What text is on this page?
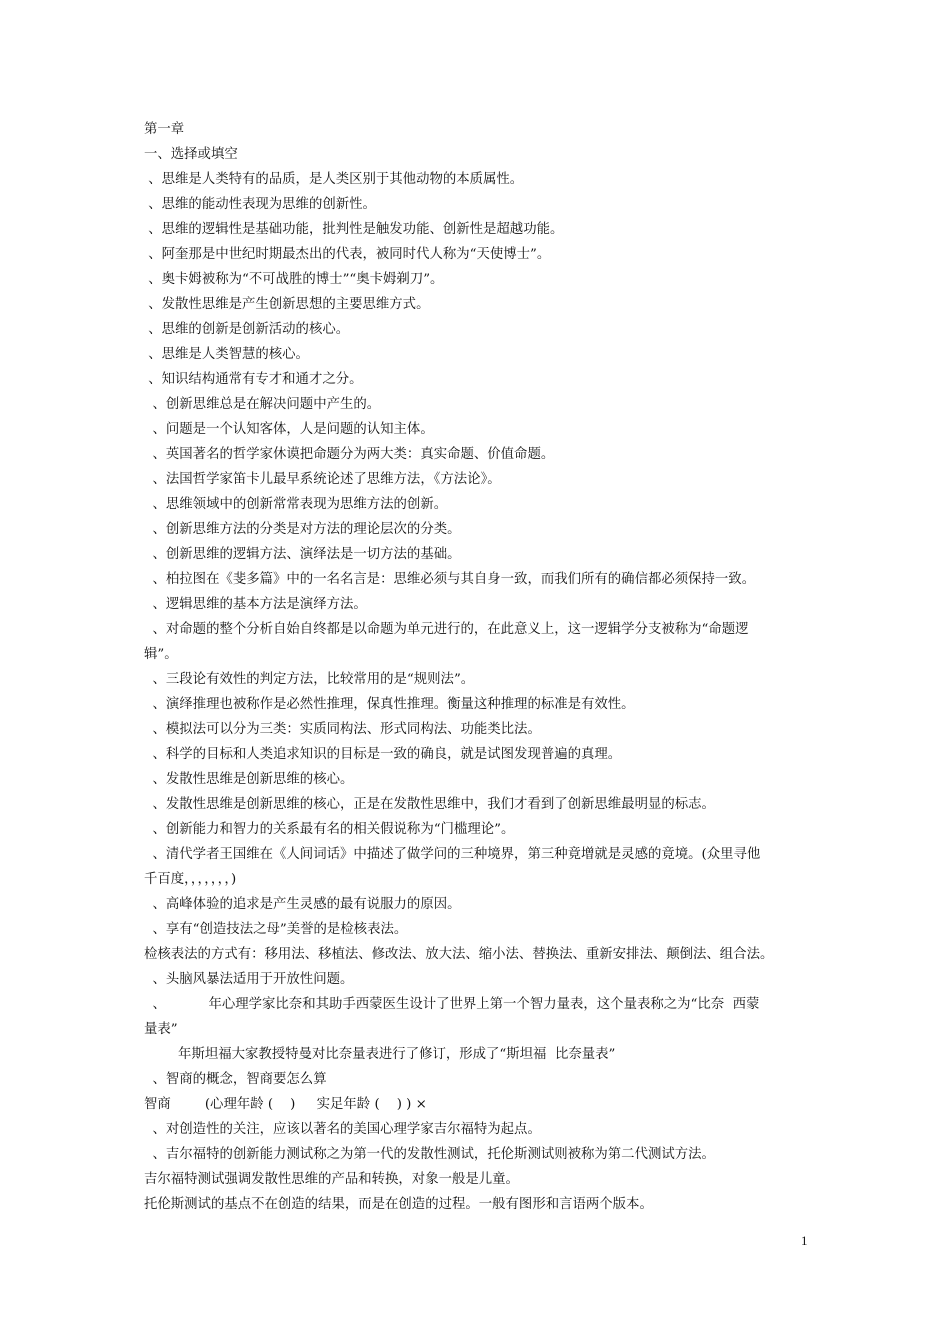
第一章
一、选择或填空
、思维是人类特有的品质，是人类区别于其他动物的本质属性。
、思维的能动性表现为思维的创新性。
、思维的逻辑性是基础功能，批判性是触发功能、创新性是超越功能。
、阿奎那是中世纪时期最杰出的代表，被同时代人称为“天使博士”。
、奥卡姆被称为“不可战胜的博士”“奥卡姆剃刀”。
、发散性思维是产生创新思想的主要思维方式。
、思维的创新是创新活动的核心。
、思维是人类智慧的核心。
、知识结构通常有专才和通才之分。
、创新思维总是在解决问题中产生的。
、问题是一个认知客体，人是问题的认知主体。
、英国著名的哲学家休谟把命题分为两大类：真实命题、价值命题。
、法国哲学家笛卡儿最早系统论述了思维方法，《方法论》。
、思维领域中的创新常常表现为思维方法的创新。
、创新思维方法的分类是对方法的理论层次的分类。
、创新思维的逻辑方法、演绎法是一切方法的基础。
、柏拉图在《斐多篇》中的一名名言是：思维必须与其自身一致，而我们所有的确信都必须保持一致。
、逻辑思维的基本方法是演绎方法。
、对命题的整个分析自始自终都是以命题为单元进行的，在此意义上，这一逻辑学分支被称为“命题逻
辑”。
、三段论有效性的判定方法，比较常用的是“规则法”。
、演绎推理也被称作是必然性推理，保真性推理。衡量这种推理的标准是有效性。
、模拟法可以分为三类：实质同构法、形式同构法、功能类比法。
、科学的目标和人类追求知识的目标是一致的确良，就是试图发现普遍的真理。
、发散性思维是创新思维的核心。
、发散性思维是创新思维的核心，正是在发散性思维中，我们才看到了创新思维最明显的标志。
、创新能力和智力的关系最有名的相关假说称为“门槛理论”。
、清代学者王国维在《人间词话》中描述了做学问的三种境界，第三种竟增就是灵感的竟境。(众里寻他
千百度，，，，，，，)
、高峰体验的追求是产生灵感的最有说服力的原因。
、享有“创造技法之母”美誉的是检核表法。
检核表法的方式有：移用法、移植法、修改法、放大法、缩小法、替换法、重新安排法、颠倒法、组合法。
、头脑风暴法适用于开放性问题。
、          年心理学家比奈和其助手西蒙医生设计了世界上第一个智力量表，这个量表称之为“比奈  西蒙
量表”
年斯坦福大家教授特曼对比奈量表进行了修订，形成了“斯坦福  比奈量表”
、智商的概念，智商要怎么算
智商        (心理年龄 (    )     实足年龄 (    ) ) ×
、对创造性的关注，应该以著名的美国心理学家吉尔福特为起点。
、吉尔福特的创新能力测试称之为第一代的发散性测试，托伦斯测试则被称为第二代测试方法。
吉尔福特测试强调发散性思维的产品和转换，对象一般是儿童。
托伦斯测试的基点不在创造的结果，而是在创造的过程。一般有图形和言语两个版本。
1
